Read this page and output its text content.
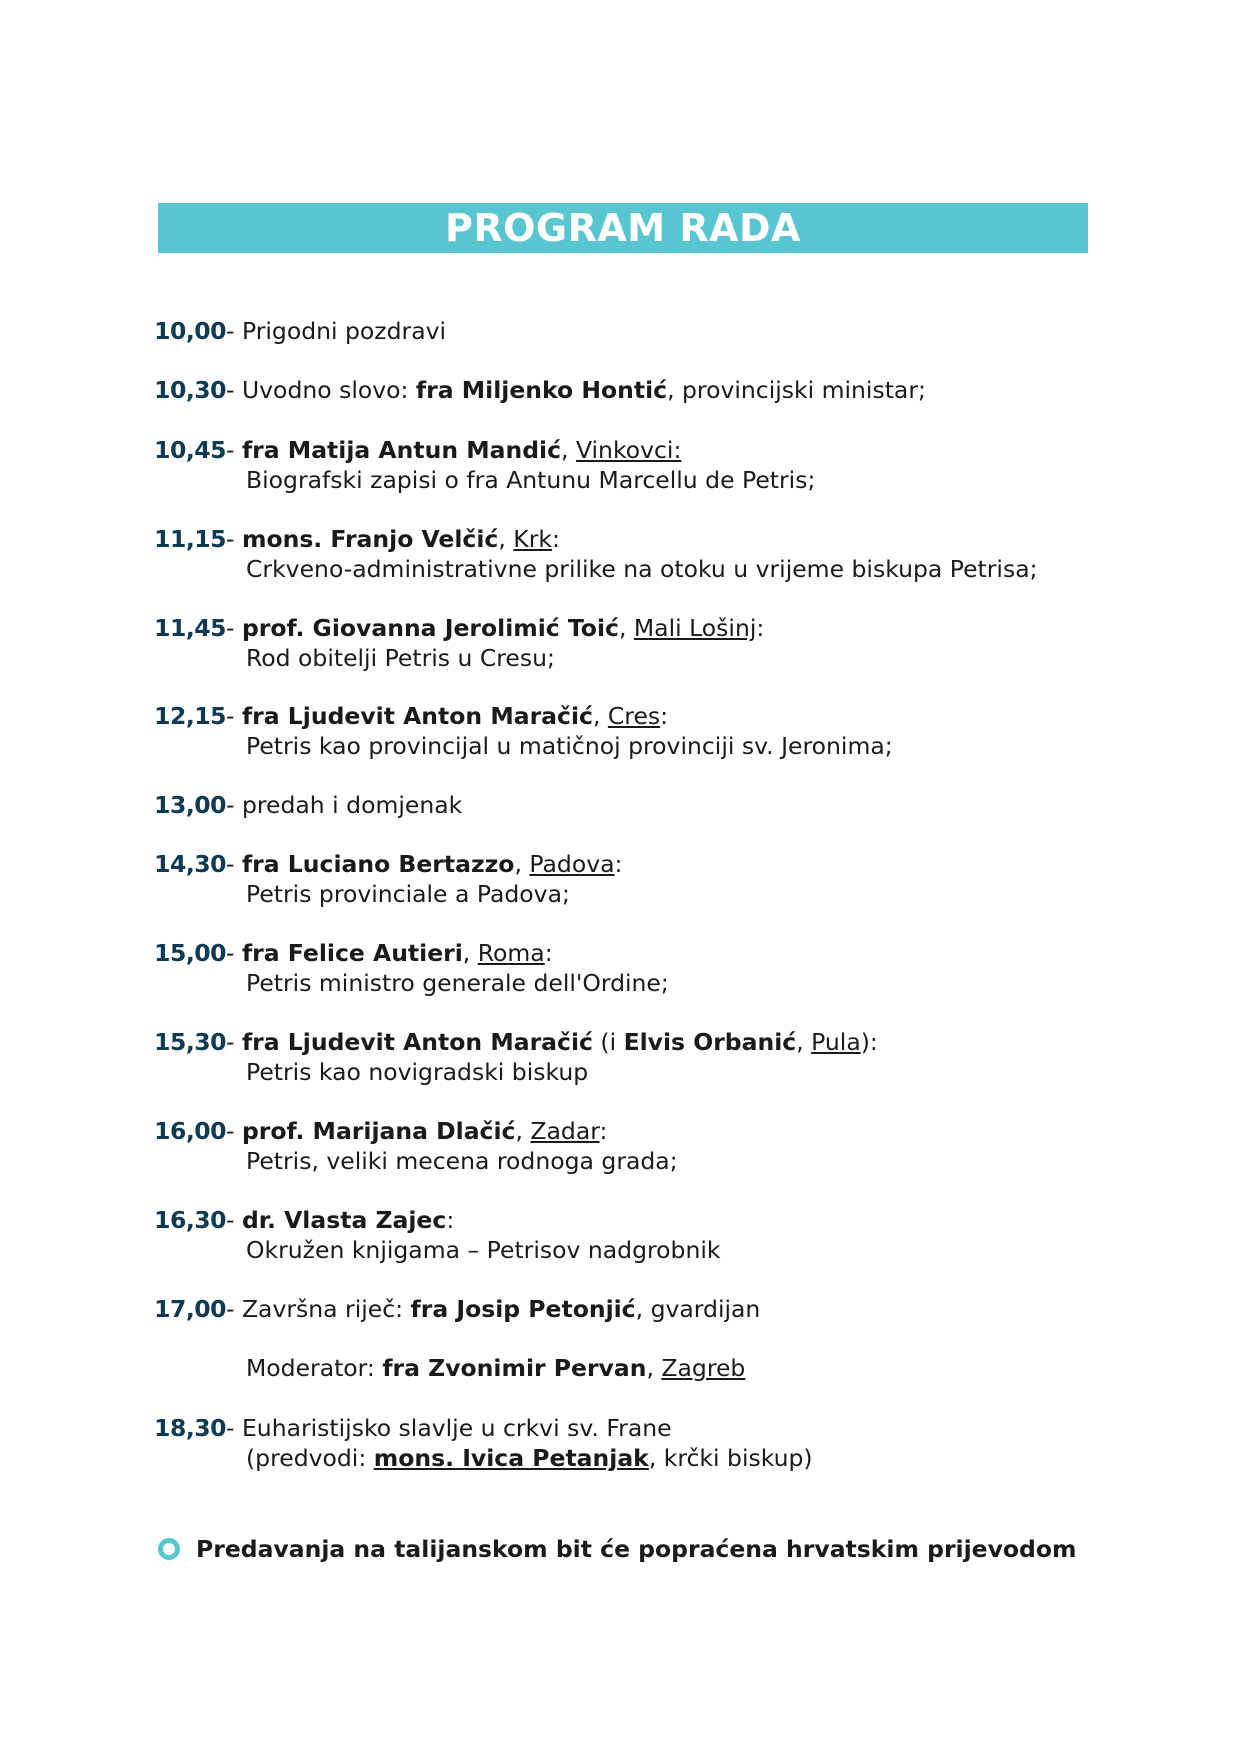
PROGRAM RADA
10,00 - Prigodni pozdravi
10,30 - Uvodno slovo: fra Miljenko Hontić, provincijski ministar;
10,45 - fra Matija Antun Mandić, Vinkovci:
Biografski zapisi o fra Antunu Marcellu de Petris;
11,15 - mons. Franjo Velčić, Krk:
Crkveno-administrativne prilike na otoku u vrijeme biskupa Petrisa;
11,45 - prof. Giovanna Jerolimić Toić, Mali Lošinj:
Rod obitelji Petris u Cresu;
12,15 - fra Ljudevit Anton Maračić, Cres:
Petris kao provincijal u matičnoj provinciji sv. Jeronima;
13,00 - predah i domjenak
14,30 - fra Luciano Bertazzo, Padova:
Petris provinciale a Padova;
15,00 - fra Felice Autieri, Roma:
Petris ministro generale dell'Ordine;
15,30 - fra Ljudevit Anton Maračić (i Elvis Orbanić, Pula):
Petris kao novigradski biskup
16,00 - prof. Marijana Dlačić, Zadar:
Petris, veliki mecena rodnoga grada;
16,30 - dr. Vlasta Zajec:
Okružen knjigama – Petrisov nadgrobnik
17,00 - Završna riječ: fra Josip Petonjić, gvardijan
Moderator: fra Zvonimir Pervan, Zagreb
18,30 - Euharistijsko slavlje u crkvi sv. Frane
(predvodi: mons. Ivica Petanjak, krčki biskup)
Predavanja na talijanskom bit će popraćena hrvatskim prijevodom
